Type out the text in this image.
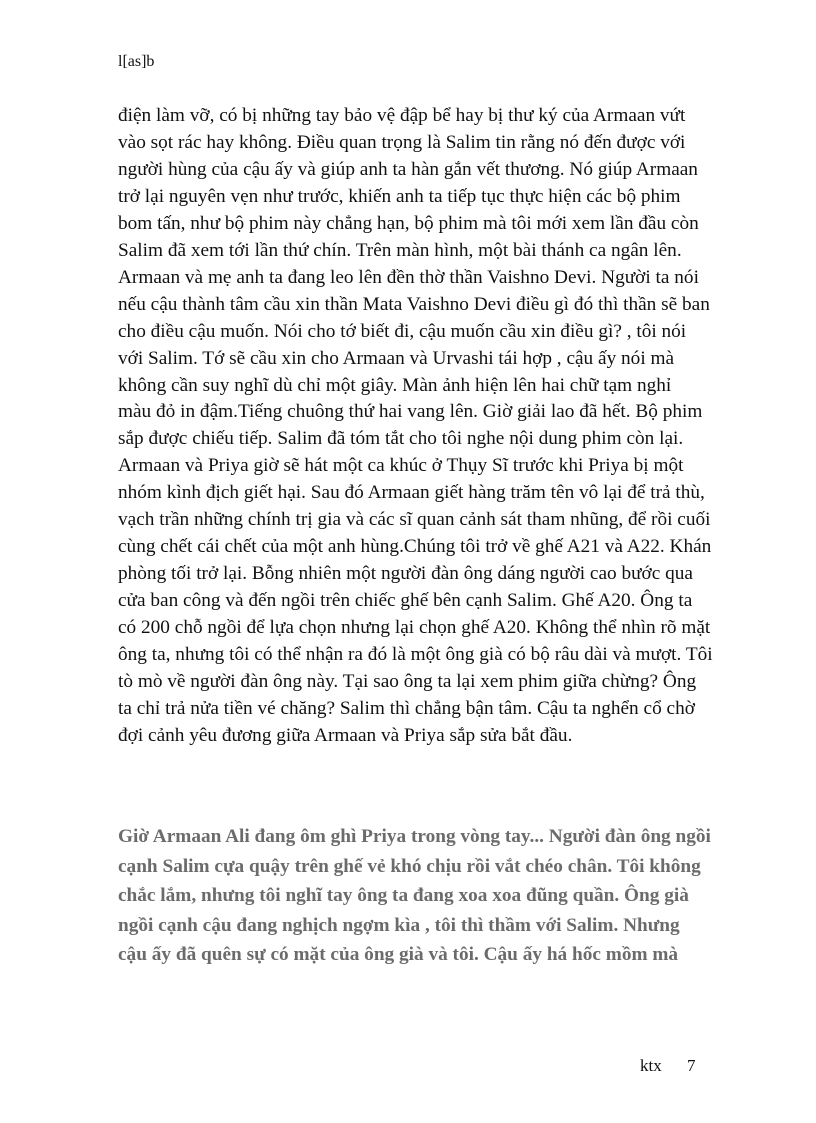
l[as]b
điện làm vỡ, có bị những tay bảo vệ đập bể hay bị thư ký của Armaan vứt
vào sọt rác hay không. Điều quan trọng là Salim tin rằng nó đến được với
người hùng của cậu ấy và giúp anh ta hàn gắn vết thương. Nó giúp Armaan
trở lại nguyên vẹn như trước, khiến anh ta tiếp tục thực hiện các bộ phim
bom tấn, như bộ phim này chẳng hạn, bộ phim mà tôi mới xem lần đầu còn
Salim đã xem tới lần thứ chín. Trên màn hình, một bài thánh ca ngân lên.
Armaan và mẹ anh ta đang leo lên đền thờ thần Vaishno Devi. Người ta nói
nếu cậu thành tâm cầu xin thần Mata Vaishno Devi điều gì đó thì thần sẽ ban
cho điều cậu muốn. Nói cho tớ biết đi, cậu muốn cầu xin điều gì? , tôi nói
với Salim. Tớ sẽ cầu xin cho Armaan và Urvashi tái hợp , cậu ấy nói mà
không cần suy nghĩ dù chỉ một giây. Màn ảnh hiện lên hai chữ tạm nghỉ
màu đỏ in đậm.Tiếng chuông thứ hai vang lên. Giờ giải lao đã hết. Bộ phim
sắp được chiếu tiếp. Salim đã tóm tắt cho tôi nghe nội dung phim còn lại.
Armaan và Priya giờ sẽ hát một ca khúc ở Thụy Sĩ trước khi Priya bị một
nhóm kình địch giết hại. Sau đó Armaan giết hàng trăm tên vô lại để trả thù,
vạch trần những chính trị gia và các sĩ quan cảnh sát tham nhũng, để rồi cuối
cùng chết cái chết của một anh hùng.Chúng tôi trở về ghế A21 và A22. Khán
phòng tối trở lại. Bỗng nhiên một người đàn ông dáng người cao bước qua
cửa ban công và đến ngồi trên chiếc ghế bên cạnh Salim. Ghế A20. Ông ta
có 200 chỗ ngồi để lựa chọn nhưng lại chọn ghế A20. Không thể nhìn rõ mặt
ông ta, nhưng tôi có thể nhận ra đó là một ông già có bộ râu dài và mượt. Tôi
tò mò về người đàn ông này. Tại sao ông ta lại xem phim giữa chừng? Ông
ta chỉ trả nửa tiền vé chăng? Salim thì chẳng bận tâm. Cậu ta nghển cổ chờ
đợi cảnh yêu đương giữa Armaan và Priya sắp sửa bắt đầu.
Giờ Armaan Ali đang ôm ghì Priya trong vòng tay... Người đàn ông ngồi
cạnh Salim cựa quậy trên ghế vẻ khó chịu rồi vắt chéo chân. Tôi không
chắc lắm, nhưng tôi nghĩ tay ông ta đang xoa xoa đũng quần. Ông già
ngồi cạnh cậu đang nghịch ngợm kìa , tôi thì thầm với Salim. Nhưng
cậu ấy đã quên sự có mặt của ông già và tôi. Cậu ấy há hốc mồm mà
ktx 7
